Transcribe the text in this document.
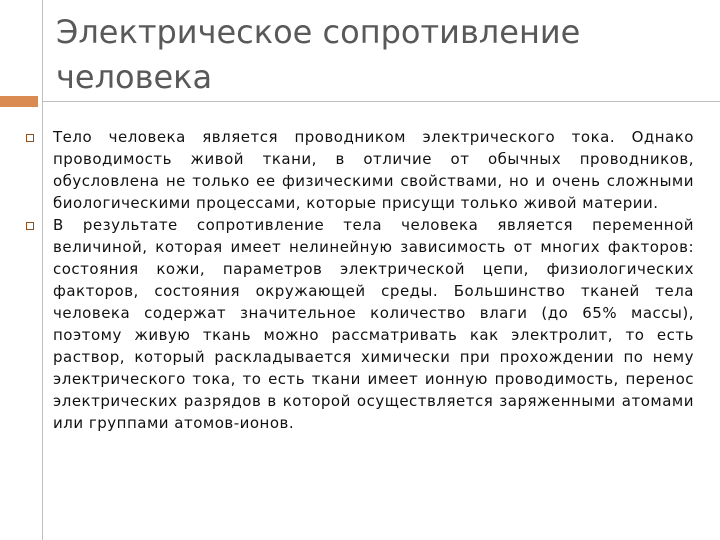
Электрическое сопротивление человека
Тело человека является проводником электрического тока. Однако проводимость живой ткани, в отличие от обычных проводников, обусловлена не только ее физическими свойствами, но и очень сложными биологическими процессами, которые присущи только живой материи.
В результате сопротивление тела человека является переменной величиной, которая имеет нелинейную зависимость от многих факторов: состояния кожи, параметров электрической цепи, физиологических факторов, состояния окружающей среды. Большинство тканей тела человека содержат значительное количество влаги (до 65% массы), поэтому живую ткань можно рассматривать как электролит, то есть раствор, который раскладывается химически при прохождении по нему электрического тока, то есть ткани имеет ионную проводимость, перенос электрических разрядов в которой осуществляется заряженными атомами или группами атомов-ионов.
